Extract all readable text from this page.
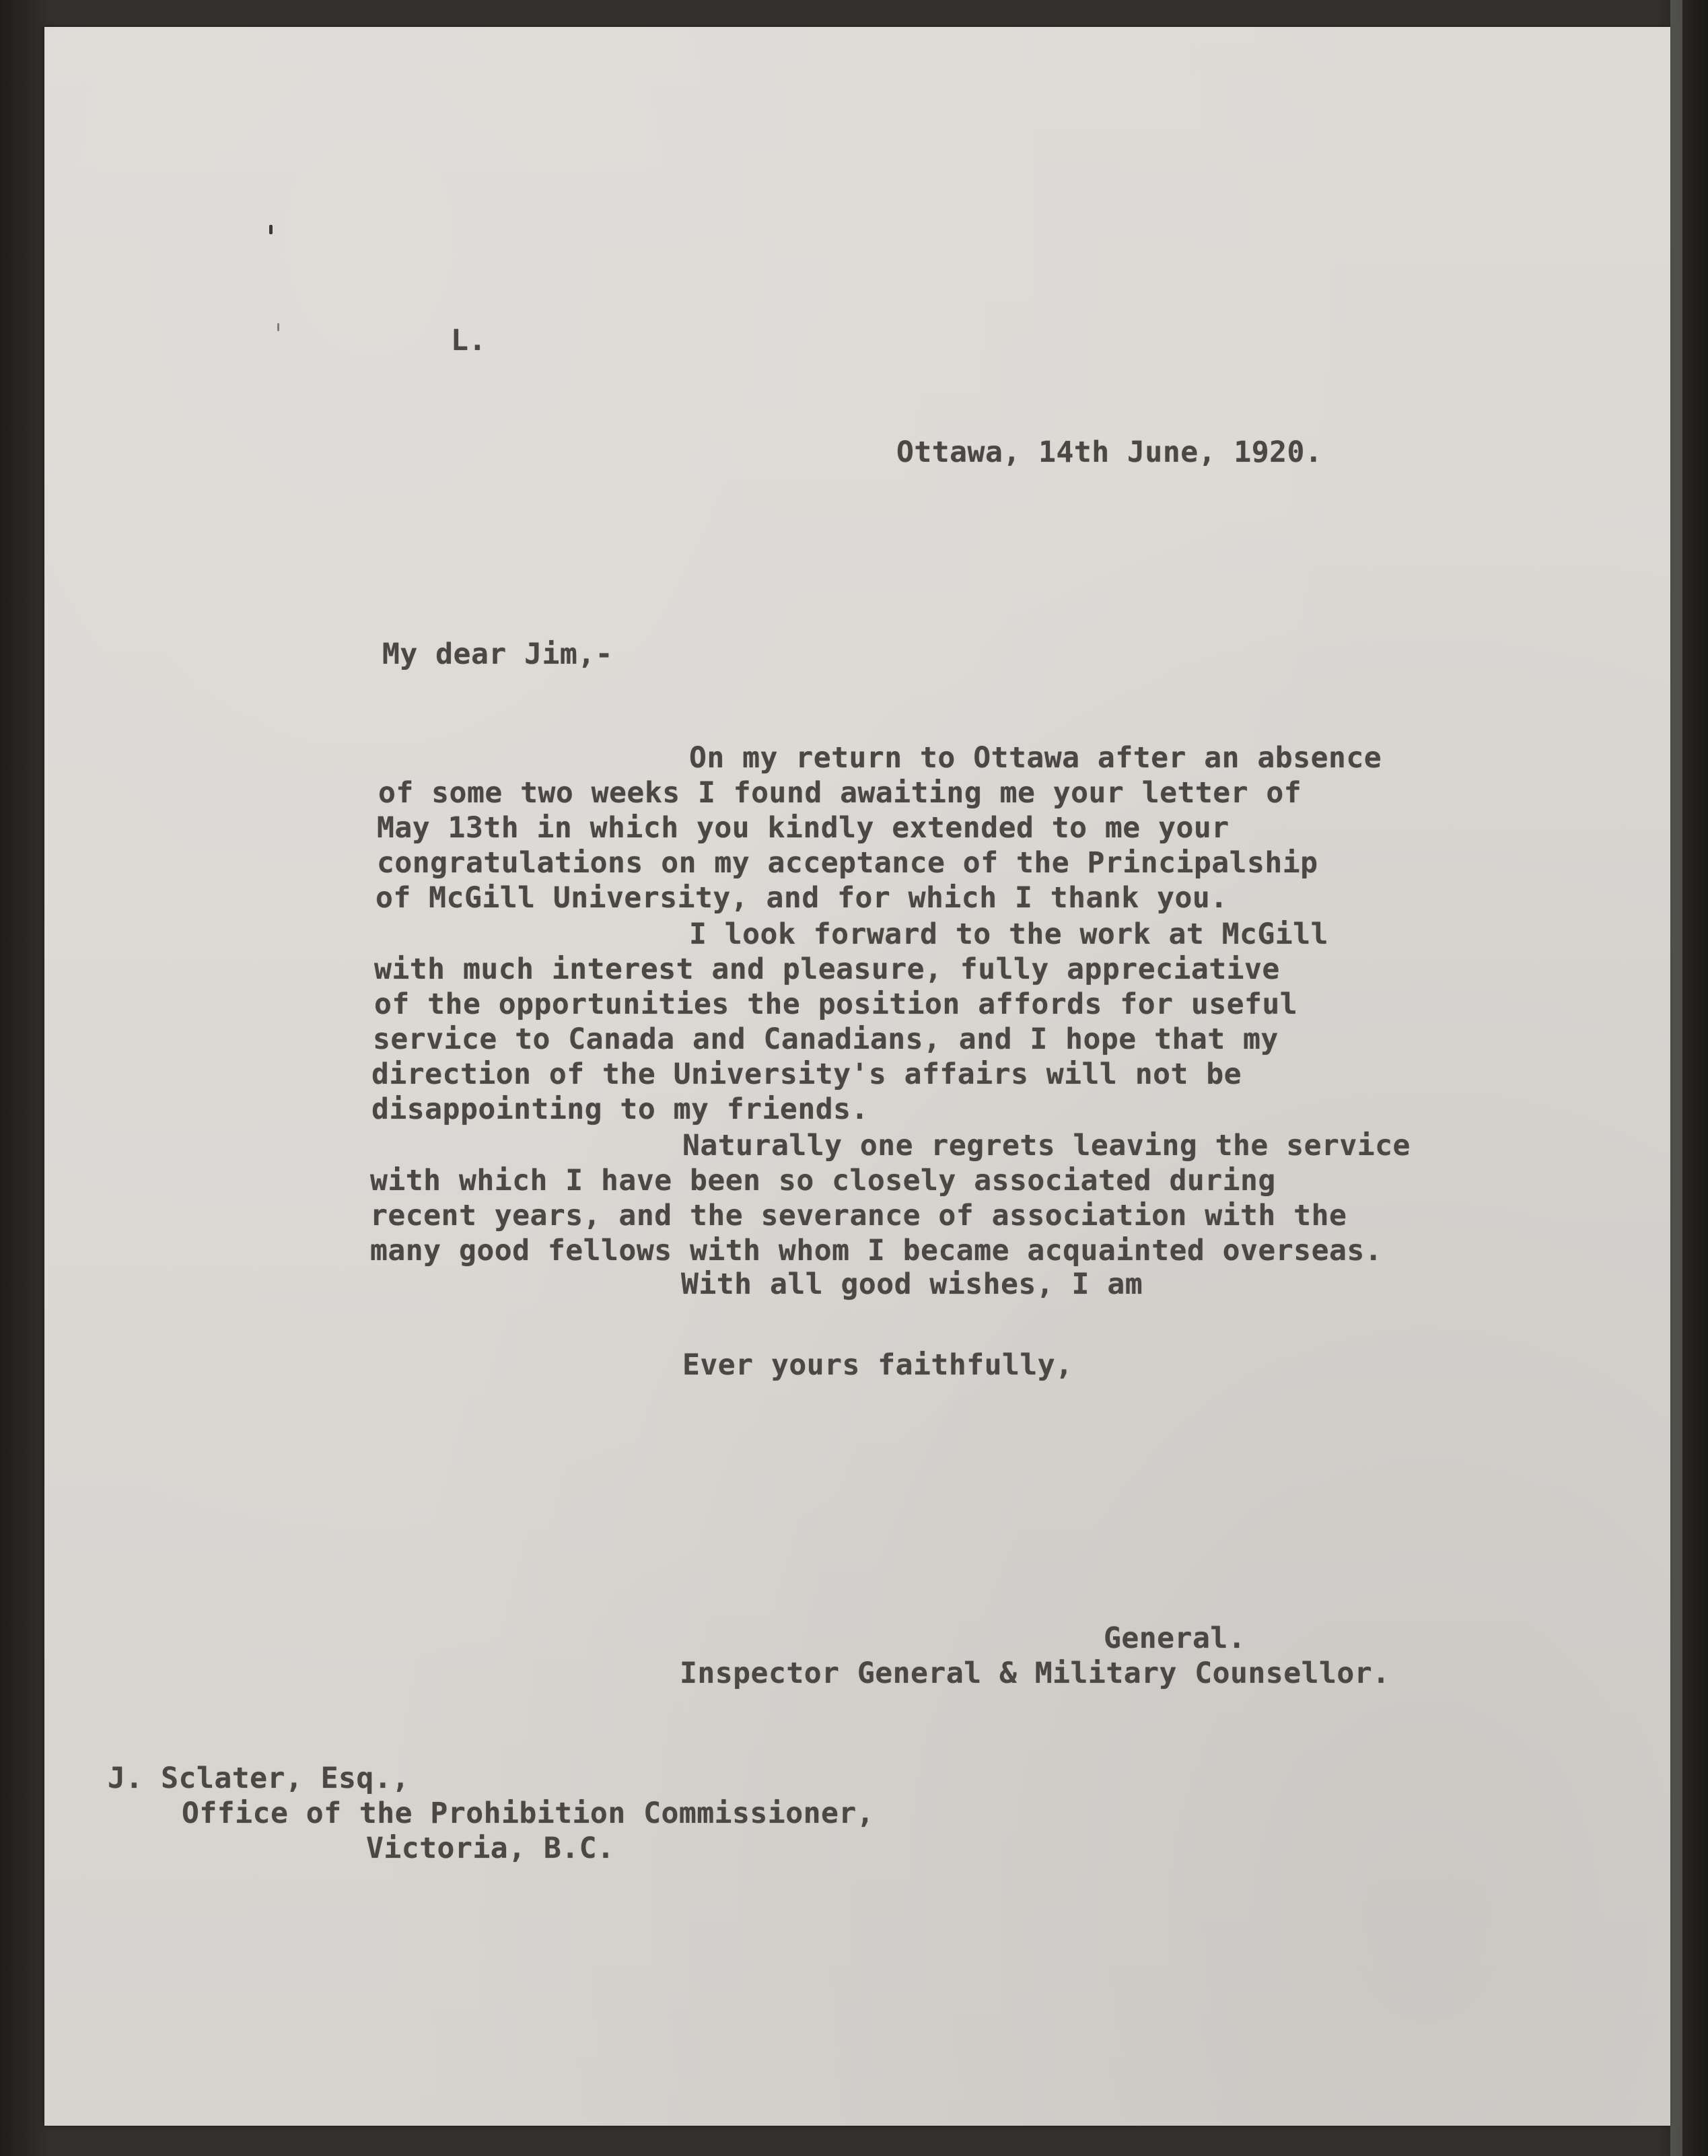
L.
Ottawa, 14th June, 1920.
My dear Jim,-
On my return to Ottawa after an absence
of some two weeks I found awaiting me your letter of
May 13th in which you kindly extended to me your
congratulations on my acceptance of the Principalship
of McGill University, and for which I thank you.
I look forward to the work at McGill
with much interest and pleasure, fully appreciative
of the opportunities the position affords for useful
service to Canada and Canadians, and I hope that my
direction of the University's affairs will not be
disappointing to my friends.
Naturally one regrets leaving the service
with which I have been so closely associated during
recent years, and the severance of association with the
many good fellows with whom I became acquainted overseas.
With all good wishes, I am
Ever yours faithfully,
General.
Inspector General & Military Counsellor.
J. Sclater, Esq.,
Office of the Prohibition Commissioner,
Victoria, B.C.
